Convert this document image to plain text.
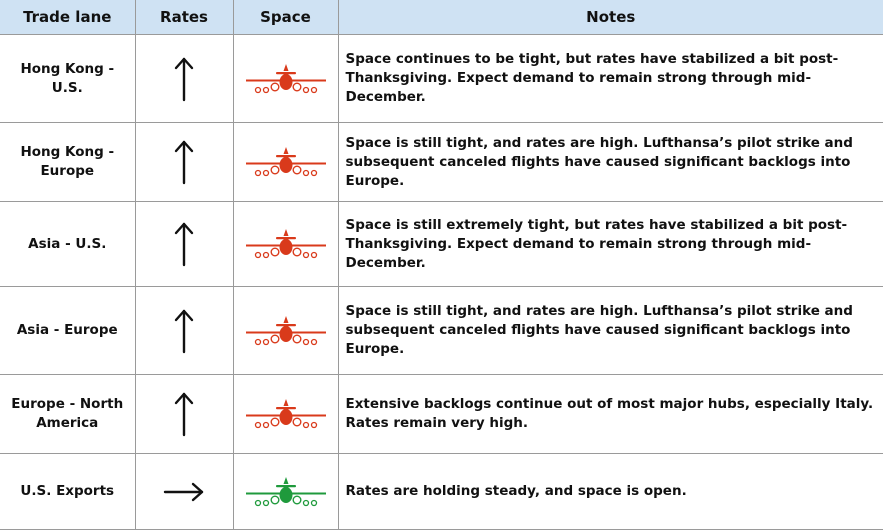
Trade lane	Rates	Space	Notes
Hong Kong - U.S.			Space continues to be tight, but rates have stabilized a bit post-Thanksgiving. Expect demand to remain strong through mid-December.
Hong Kong - Europe			Space is still tight, and rates are high. Lufthansa’s pilot strike and subsequent canceled flights have caused significant backlogs into Europe.
Asia - U.S.			Space is still extremely tight, but rates have stabilized a bit post-Thanksgiving. Expect demand to remain strong through mid-December.
Asia - Europe			Space is still tight, and rates are high. Lufthansa’s pilot strike and subsequent canceled flights have caused significant backlogs into Europe.
Europe - North America			Extensive backlogs continue out of most major hubs, especially Italy. Rates remain very high.
U.S. Exports			Rates are holding steady, and space is open.
